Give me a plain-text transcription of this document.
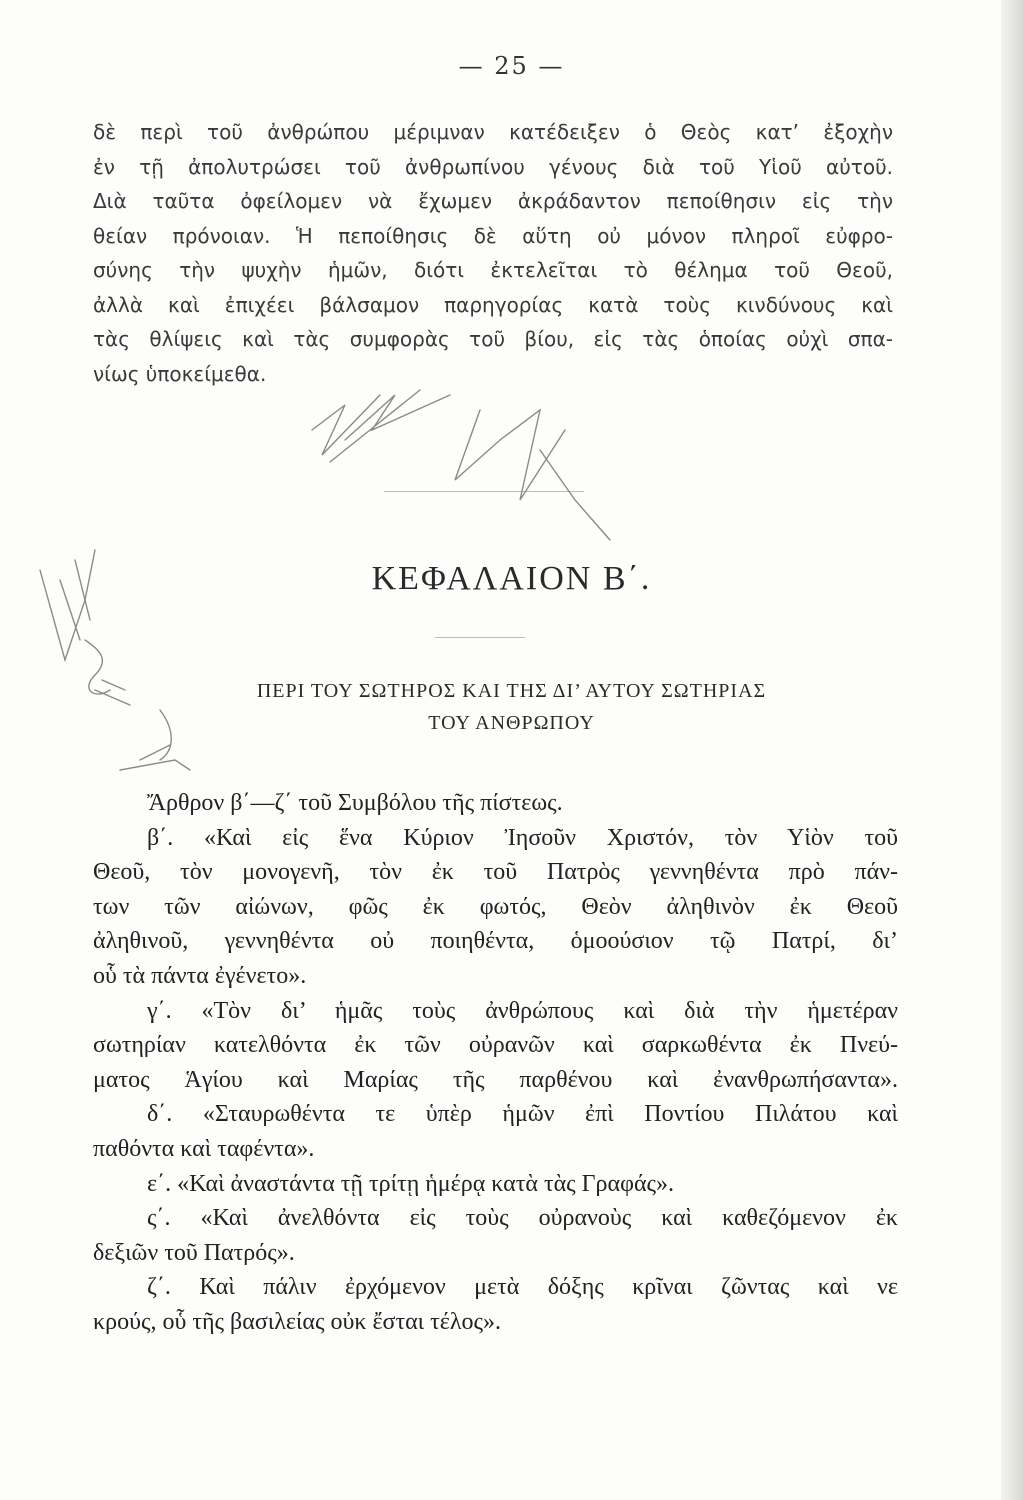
— 25 —
δὲ περὶ τοῦ ἀνθρώπου μέριμναν κατέδειξεν ὁ Θεὸς κατ’ ἐξοχὴν
ἐν τῇ ἀπολυτρώσει τοῦ ἀνθρωπίνου γένους διὰ τοῦ Υἱοῦ αὐτοῦ.
Διὰ ταῦτα ὀφείλομεν νὰ ἔχωμεν ἀκράδαντον πεποίθησιν εἰς τὴν
θείαν πρόνοιαν. Ἡ πεποίθησις δὲ αὕτη οὐ μόνον πληροῖ εὐφρο-
σύνης τὴν ψυχὴν ἡμῶν, διότι ἐκτελεῖται τὸ θέλημα τοῦ Θεοῦ,
ἀλλὰ καὶ ἐπιχέει βάλσαμον παρηγορίας κατὰ τοὺς κινδύνους καὶ
τὰς θλίψεις καὶ τὰς συμφορὰς τοῦ βίου, εἰς τὰς ὁποίας οὐχὶ σπα-
νίως ὑποκείμεθα.
ΚΕΦΑΛΑΙΟΝ Β΄.
ΠΕΡΙ ΤΟΥ ΣΩΤΗΡΟΣ ΚΑΙ ΤΗΣ ΔΙ’ ΑΥΤΟΥ ΣΩΤΗΡΙΑΣ
ΤΟΥ ΑΝΘΡΩΠΟΥ
Ἄρθρον β΄—ζ΄ τοῦ Συμβόλου τῆς πίστεως.
β΄. «Καὶ εἰς ἕνα Κύριον Ἰησοῦν Χριστόν, τὸν Υἱὸν τοῦ
Θεοῦ, τὸν μονογενῆ, τὸν ἐκ τοῦ Πατρὸς γεννηθέντα πρὸ πάν-
των τῶν αἰώνων, φῶς ἐκ φωτός, Θεὸν ἀληθινὸν ἐκ Θεοῦ
ἀληθινοῦ, γεννηθέντα οὐ ποιηθέντα, ὁμοούσιον τῷ Πατρί, δι’
οὗ τὰ πάντα ἐγένετο».
γ΄. «Τὸν δι’ ἡμᾶς τοὺς ἀνθρώπους καὶ διὰ τὴν ἡμετέραν
σωτηρίαν κατελθόντα ἐκ τῶν οὐρανῶν καὶ σαρκωθέντα ἐκ Πνεύ-
ματος Ἁγίου καὶ Μαρίας τῆς παρθένου καὶ ἐνανθρωπήσαντα».
δ΄. «Σταυρωθέντα τε ὑπὲρ ἡμῶν ἐπὶ Ποντίου Πιλάτου καὶ
παθόντα καὶ ταφέντα».
ε΄. «Καὶ ἀναστάντα τῇ τρίτῃ ἡμέρᾳ κατὰ τὰς Γραφάς».
ς΄. «Καὶ ἀνελθόντα εἰς τοὺς οὐρανοὺς καὶ καθεζόμενον ἐκ
δεξιῶν τοῦ Πατρός».
ζ΄. Καὶ πάλιν ἐρχόμενον μετὰ δόξης κρῖναι ζῶντας καὶ νε
κρούς, οὗ τῆς βασιλείας οὐκ ἔσται τέλος».
